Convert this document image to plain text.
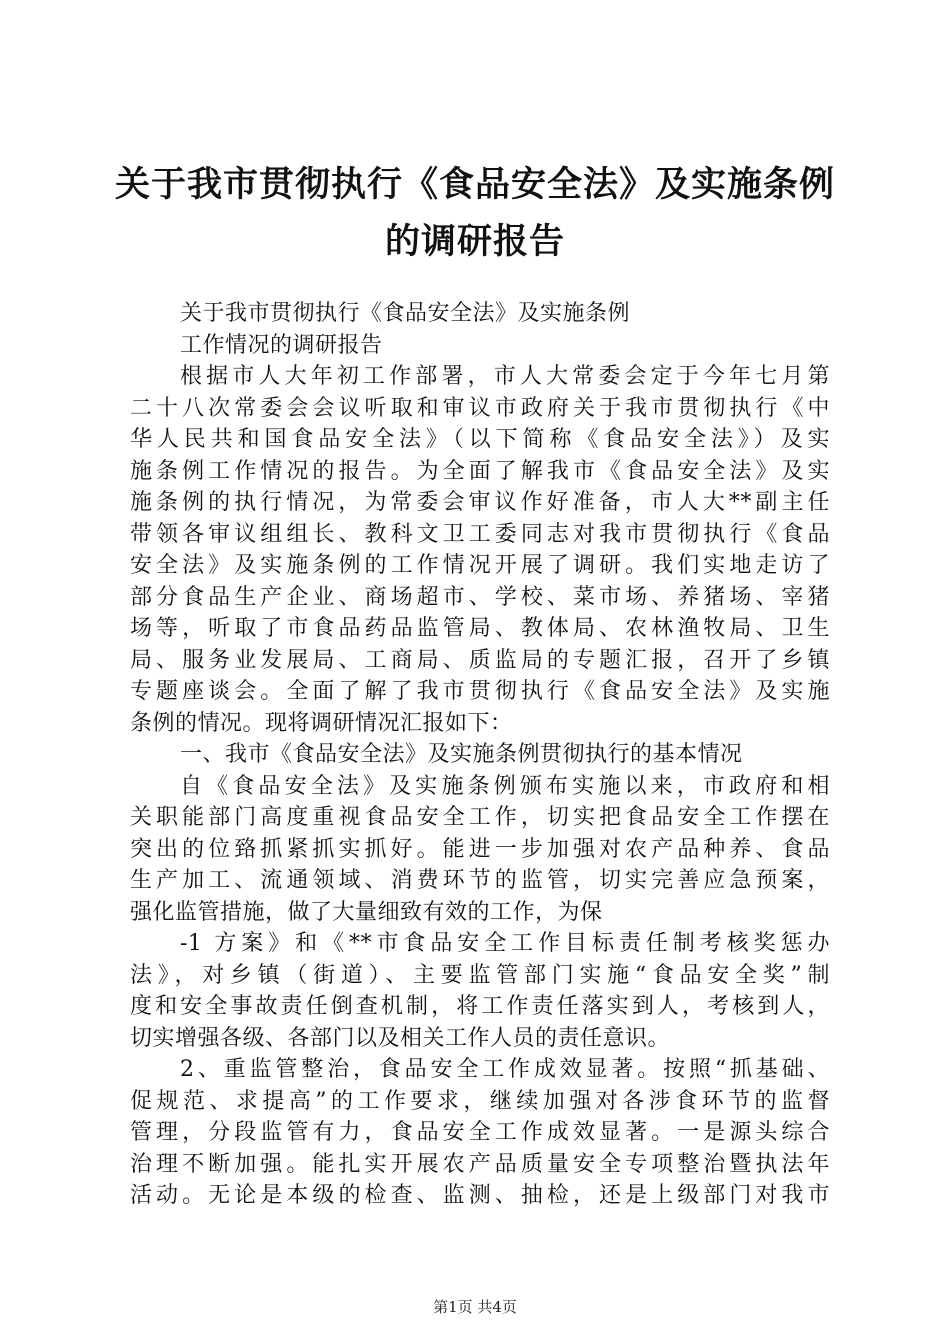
关于我市贯彻执行《食品安全法》及实施条例
的调研报告
关于我市贯彻执行《食品安全法》及实施条例
工作情况的调研报告
根据市人大年初工作部署，市人大常委会定于今年七月第
二十八次常委会会议听取和审议市政府关于我市贯彻执行《中
华人民共和国食品安全法》（以下简称《食品安全法》）及实
施条例工作情况的报告。为全面了解我市《食品安全法》及实
施条例的执行情况，为常委会审议作好准备，市人大**副主任
带领各审议组组长、教科文卫工委同志对我市贯彻执行《食品
安全法》及实施条例的工作情况开展了调研。我们实地走访了
部分食品生产企业、商场超市、学校、菜市场、养猪场、宰猪
场等，听取了市食品药品监管局、教体局、农林渔牧局、卫生
局、服务业发展局、工商局、质监局的专题汇报，召开了乡镇
专题座谈会。全面了解了我市贯彻执行《食品安全法》及实施
条例的情况。现将调研情况汇报如下：
一、我市《食品安全法》及实施条例贯彻执行的基本情况
自《食品安全法》及实施条例颁布实施以来，市政府和相
关职能部门高度重视食品安全工作，切实把食品安全工作摆在
突出的位臵抓紧抓实抓好。能进一步加强对农产品种养、食品
生产加工、流通领域、消费环节的监管，切实完善应急预案，
强化监管措施，做了大量细致有效的工作，为保
-1 方案》和《**市食品安全工作目标责任制考核奖惩办
法》，对乡镇（街道）、主要监管部门实施“食品安全奖”制
度和安全事故责任倒查机制，将工作责任落实到人，考核到人，
切实增强各级、各部门以及相关工作人员的责任意识。
2、重监管整治，食品安全工作成效显著。按照“抓基础、
促规范、求提高”的工作要求，继续加强对各涉食环节的监督
管理，分段监管有力，食品安全工作成效显著。一是源头综合
治理不断加强。能扎实开展农产品质量安全专项整治暨执法年
活动。无论是本级的检查、监测、抽检，还是上级部门对我市
第1页 共4页
